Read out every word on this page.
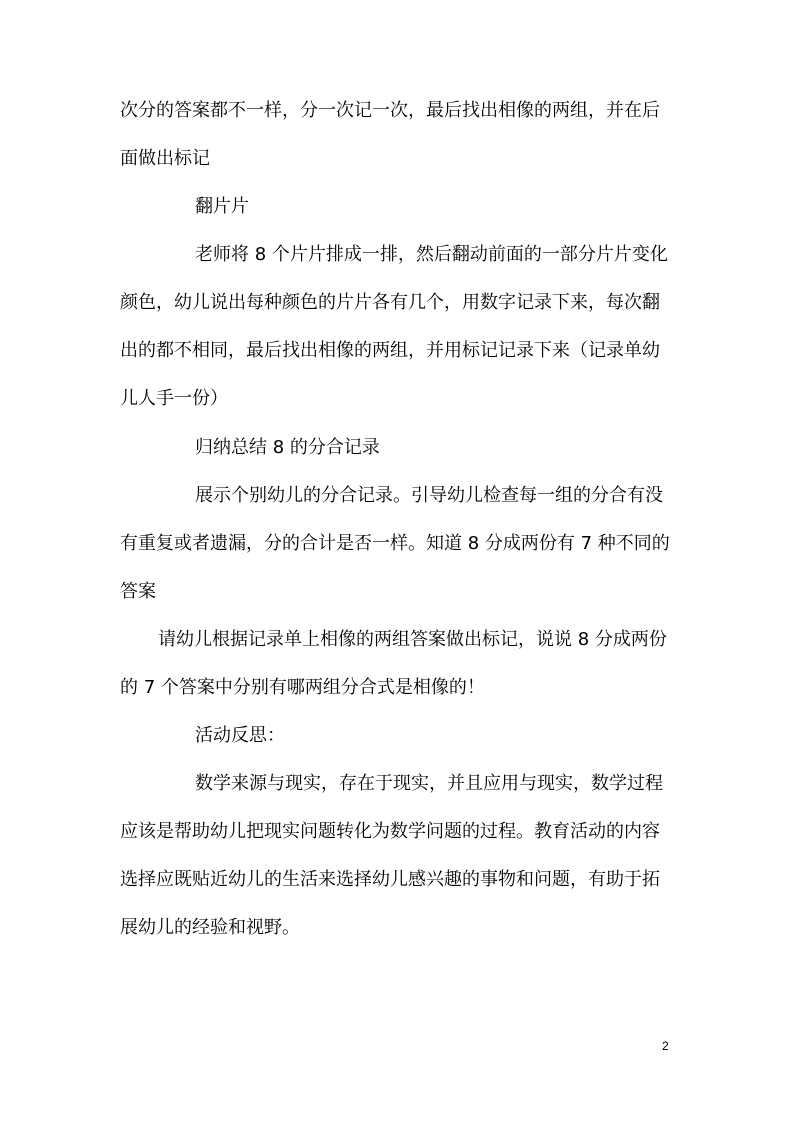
次分的答案都不一样，分一次记一次，最后找出相像的两组，并在后
面做出标记
翻片片
老师将 8 个片片排成一排，然后翻动前面的一部分片片变化
颜色，幼儿说出每种颜色的片片各有几个，用数字记录下来，每次翻
出的都不相同，最后找出相像的两组，并用标记记录下来（记录单幼
儿人手一份）
归纳总结 8 的分合记录
展示个别幼儿的分合记录。引导幼儿检查每一组的分合有没
有重复或者遗漏，分的合计是否一样。知道 8 分成两份有 7 种不同的
答案
请幼儿根据记录单上相像的两组答案做出标记，说说 8 分成两份
的 7 个答案中分别有哪两组分合式是相像的！
活动反思：
数学来源与现实，存在于现实，并且应用与现实，数学过程
应该是帮助幼儿把现实问题转化为数学问题的过程。教育活动的内容
选择应既贴近幼儿的生活来选择幼儿感兴趣的事物和问题，有助于拓
展幼儿的经验和视野。
2
